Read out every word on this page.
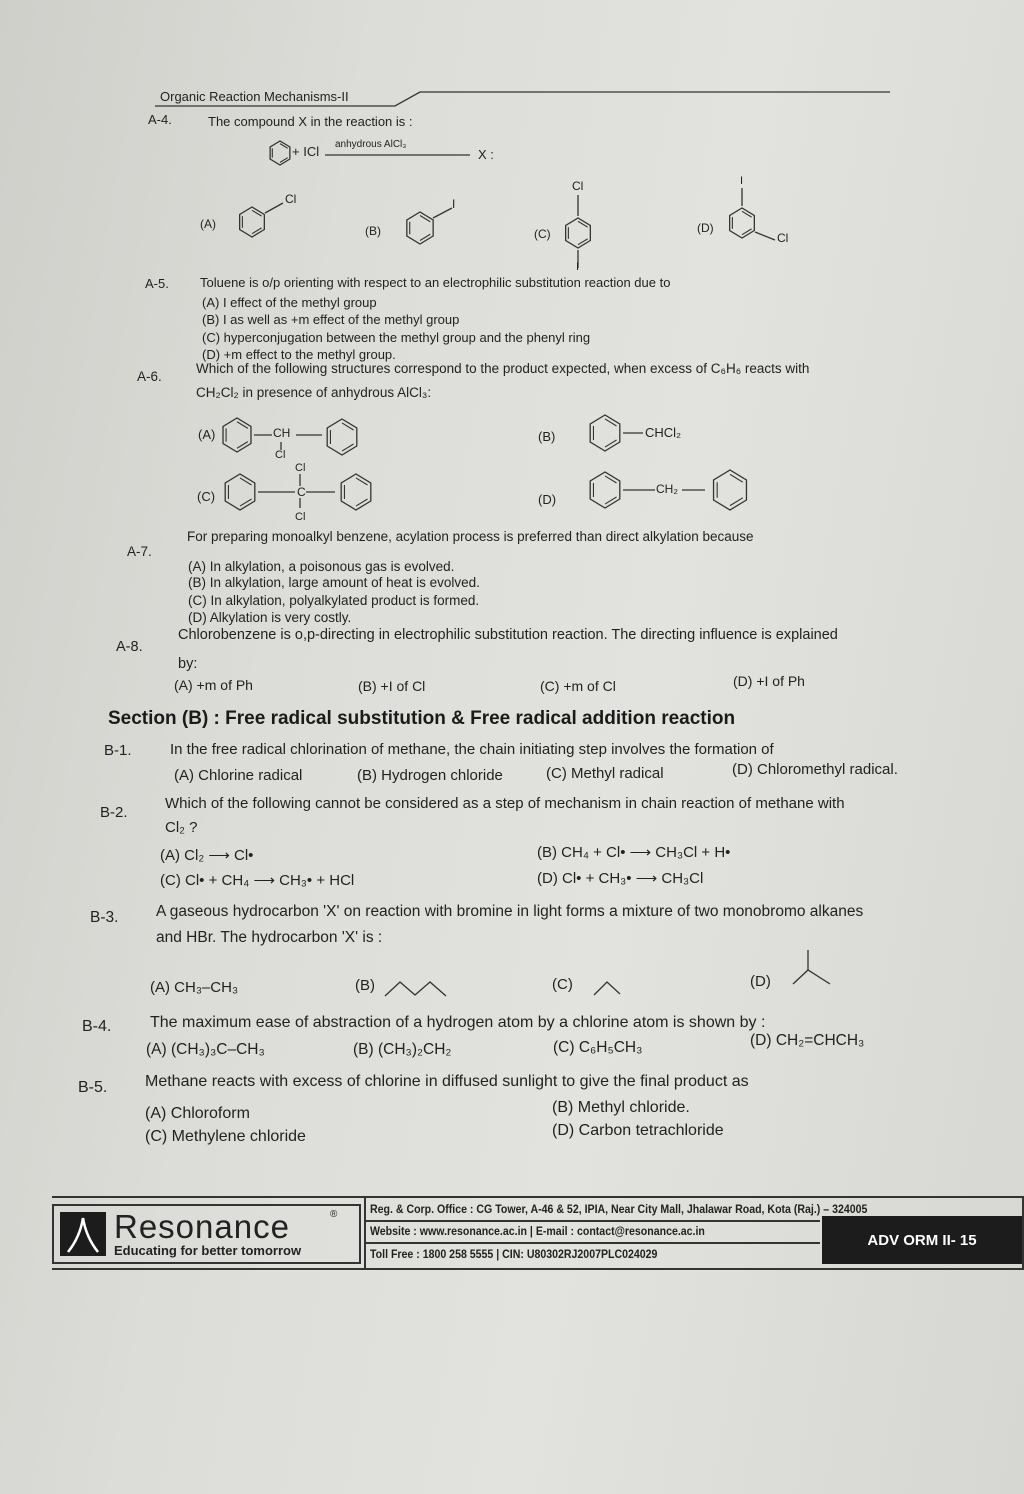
Organic Reaction Mechanisms-II
A-4.	The compound X in the reaction is :
+ ICl anhydrous AlCl₃
X :
(A)	(B)	(C)	(D)
Cl	I
Cl
I
I
Cl
A-5. Toluene is o/p orienting with respect to an electrophilic substitution reaction due to
(A) I effect of the methyl group
(B) I as well as +m effect of the methyl group
(C) hyperconjugation between the methyl group and the phenyl ring
(D) +m effect to the methyl group.
A-6.
Which of the following structures correspond to the product expected, when excess of C₆H₆ reacts with
CH₂Cl₂ in presence of anhydrous AlCl₃:
(A)	CH
Cl
(B)	CHCl₂
(C)	C
Cl
Cl
(D)
CH₂
A-7.
For preparing monoalkyl benzene, acylation process is preferred than direct alkylation because
(A) In alkylation, a poisonous gas is evolved.
(B) In alkylation, large amount of heat is evolved.
(C) In alkylation, polyalkylated product is formed.
(D) Alkylation is very costly.
A-8.
Chlorobenzene is o,p-directing in electrophilic substitution reaction. The directing influence is explained
by:
(A) +m of Ph	(B) +I of Cl	(C) +m of Cl	(D) +I of Ph
Section (B) : Free radical substitution & Free radical addition reaction
B-1.	In the free radical chlorination of methane, the chain initiating step involves the formation of
(A) Chlorine radical	(B) Hydrogen chloride	(C) Methyl radical	(D) Chloromethyl radical.
B-2.
Which of the following cannot be considered as a step of mechanism in chain reaction of methane with
Cl₂ ?
(A) Cl₂ ⟶ Cl•	(B) CH₄ + Cl• ⟶ CH₃Cl + H•
(C) Cl• + CH₄ ⟶ CH₃• + HCl	(D) Cl• + CH₃• ⟶ CH₃Cl
B-3. A gaseous hydrocarbon 'X' on reaction with bromine in light forms a mixture of two monobromo alkanes
and HBr. The hydrocarbon 'X' is :
(A) CH₃–CH₃	(B)	(C)	(D)
B-4. The maximum ease of abstraction of a hydrogen atom by a chlorine atom is shown by :
(A) (CH₃)₃C–CH₃	(B) (CH₃)₂CH₂	(C) C₆H₅CH₃	(D) CH₂=CHCH₃
B-5. Methane reacts with excess of chlorine in diffused sunlight to give the final product as
(A) Chloroform	(B) Methyl chloride.
(C) Methylene chloride	(D) Carbon tetrachloride
Resonance	®
Educating for better tomorrow
Reg. & Corp. Office : CG Tower, A-46 & 52, IPIA, Near City Mall, Jhalawar Road, Kota (Raj.) – 324005
Website : www.resonance.ac.in | E-mail : contact@resonance.ac.in
Toll Free : 1800 258 5555 | CIN: U80302RJ2007PLC024029
ADV ORM II- 15
